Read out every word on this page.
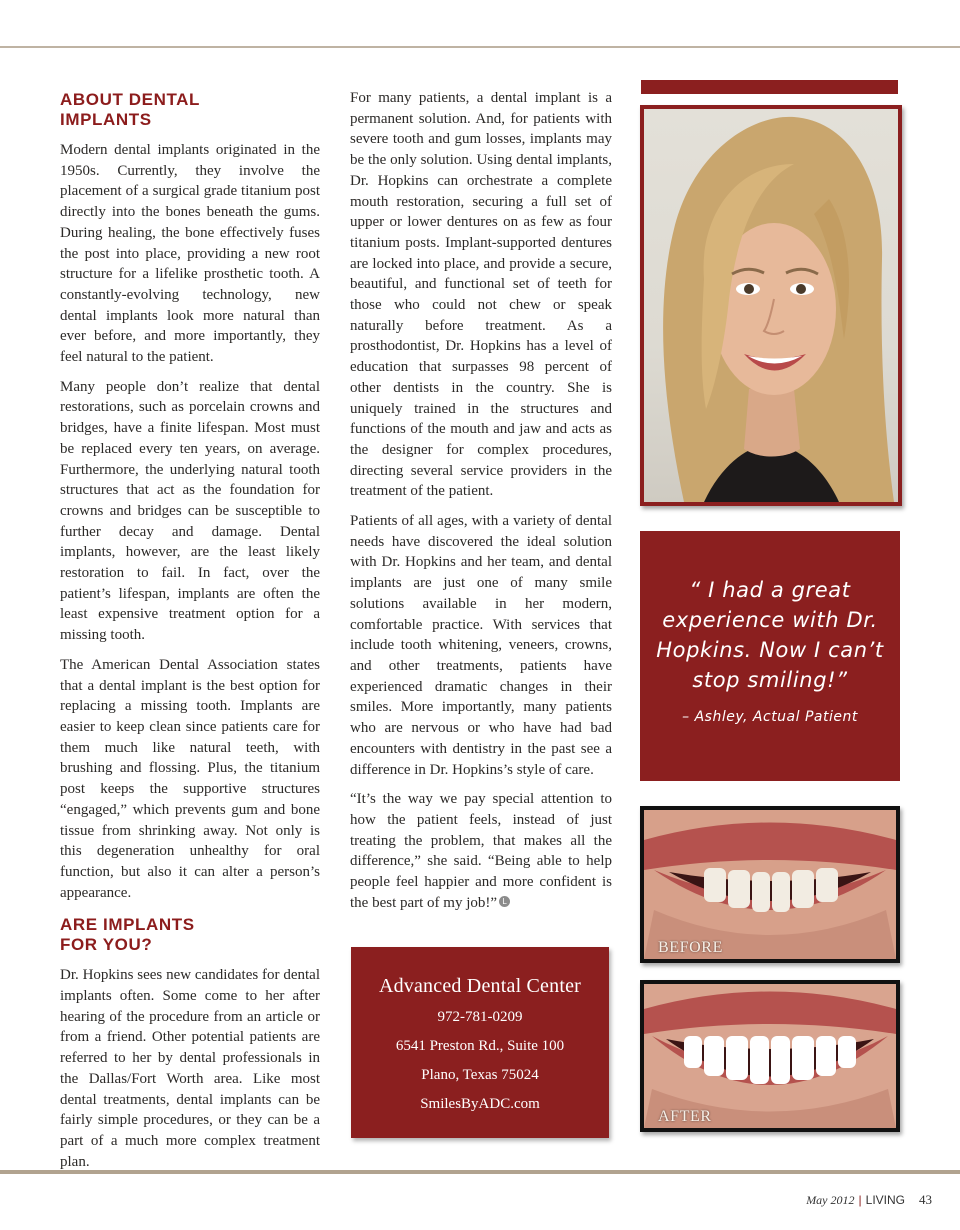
ABOUT DENTAL
IMPLANTS

Modern dental implants originated in the 1950s. Currently, they involve the placement of a surgical grade titanium post directly into the bones beneath the gums. During healing, the bone effectively fuses the post into place, providing a new root structure for a lifelike prosthetic tooth. A constantly-evolving technology, new dental implants look more natural than ever before, and more importantly, they feel natural to the patient.

Many people don’t realize that dental restorations, such as porcelain crowns and bridges, have a finite lifespan. Most must be replaced every ten years, on average. Furthermore, the underlying natural tooth structures that act as the foundation for crowns and bridges can be susceptible to further decay and damage. Dental implants, however, are the least likely restoration to fail. In fact, over the patient’s lifespan, implants are often the least expensive treatment option for a missing tooth.

The American Dental Association states that a dental implant is the best option for replacing a missing tooth. Implants are easier to keep clean since patients care for them much like natural teeth, with brushing and flossing. Plus, the titanium post keeps the supportive structures “engaged,” which prevents gum and bone tissue from shrinking away. Not only is this degeneration unhealthy for oral function, but also it can alter a person’s appearance.

ARE IMPLANTS
FOR YOU?

Dr. Hopkins sees new candidates for dental implants often. Some come to her after hearing of the procedure from an article or from a friend. Other potential patients are referred to her by dental professionals in the Dallas/Fort Worth area. Like most dental treatments, dental implants can be fairly simple procedures, or they can be a part of a much more complex treatment plan.

For many patients, a dental implant is a permanent solution. And, for patients with severe tooth and gum losses, implants may be the only solution. Using dental implants, Dr. Hopkins can orchestrate a complete mouth restoration, securing a full set of upper or lower dentures on as few as four titanium posts. Implant-supported dentures are locked into place, and provide a secure, beautiful, and functional set of teeth for those who could not chew or speak naturally before treatment. As a prosthodontist, Dr. Hopkins has a level of education that surpasses 98 percent of other dentists in the country. She is uniquely trained in the structures and functions of the mouth and jaw and acts as the designer for complex procedures, directing several service providers in the treatment of the patient.

Patients of all ages, with a variety of dental needs have discovered the ideal solution with Dr. Hopkins and her team, and dental implants are just one of many smile solutions available in her modern, comfortable practice. With services that include tooth whitening, veneers, crowns, and other treatments, patients have experienced dramatic changes in their smiles. More importantly, many patients who are nervous or who have had bad encounters with dentistry in the past see a difference in Dr. Hopkins’s style of care.

“It’s the way we pay special attention to how the patient feels, instead of just treating the problem, that makes all the difference,” she said. “Being able to help people feel happier and more confident is the best part of my job!” L

“ I had a great experience with Dr. Hopkins. Now I can’t stop smiling!”
– Ashley, Actual Patient
BEFORE
AFTER
Advanced Dental Center
972-781-0209
6541 Preston Rd., Suite 100
Plano, Texas 75024
SmilesByADC.com
May 2012 | LIVING 43
